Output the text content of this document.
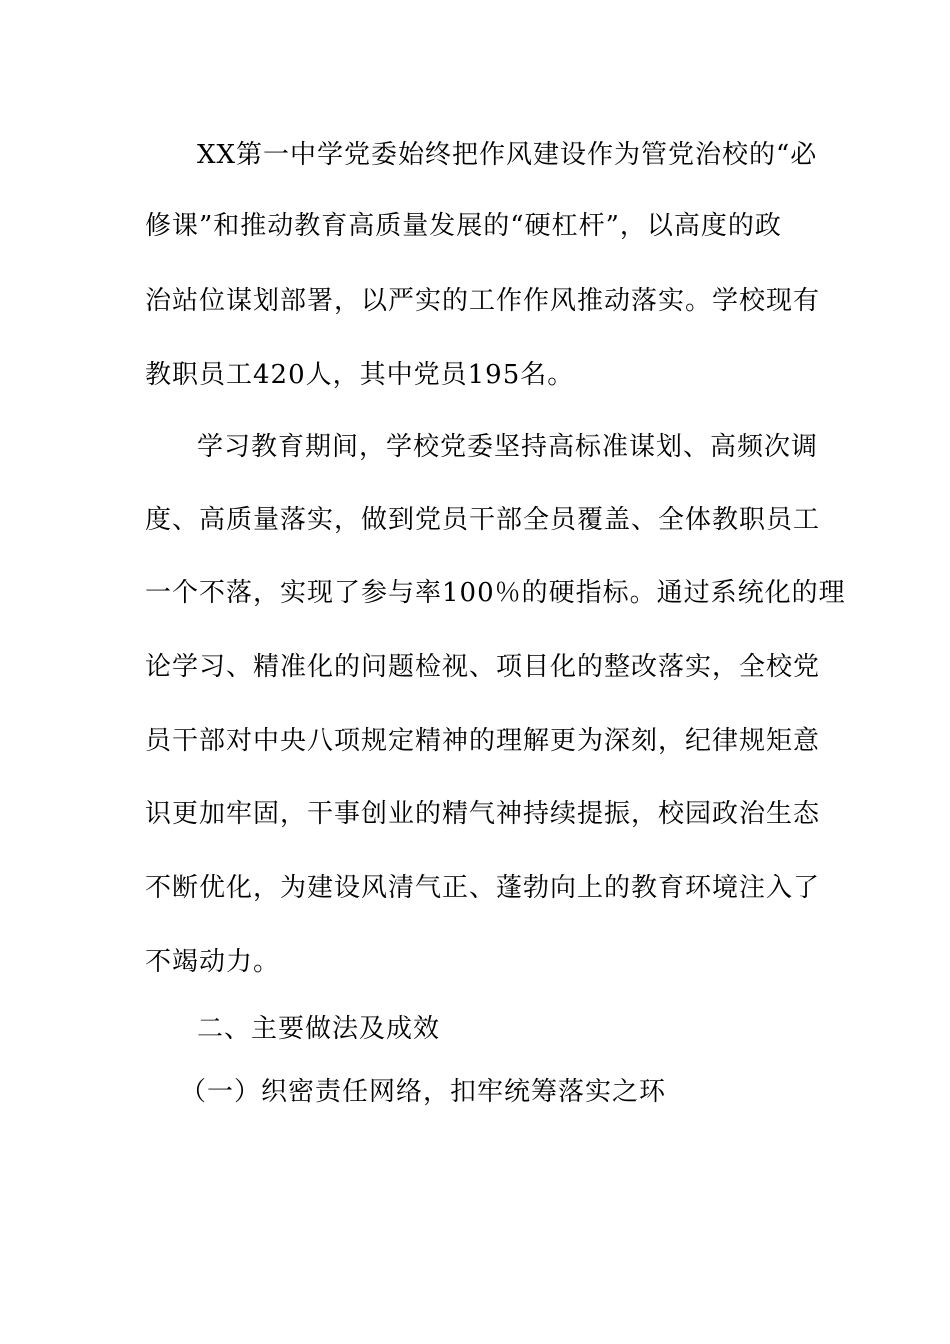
XX第一中学党委始终把作风建设作为管党治校的“必
修课”和推动教育高质量发展的“硬杠杆”，以高度的政
治站位谋划部署，以严实的工作作风推动落实。学校现有
教职员工420人，其中党员195名。
学习教育期间，学校党委坚持高标准谋划、高频次调
度、高质量落实，做到党员干部全员覆盖、全体教职员工
一个不落，实现了参与率100％的硬指标。通过系统化的理
论学习、精准化的问题检视、项目化的整改落实，全校党
员干部对中央八项规定精神的理解更为深刻，纪律规矩意
识更加牢固，干事创业的精气神持续提振，校园政治生态
不断优化，为建设风清气正、蓬勃向上的教育环境注入了
不竭动力。
二、主要做法及成效
（一）织密责任网络，扣牢统筹落实之环
